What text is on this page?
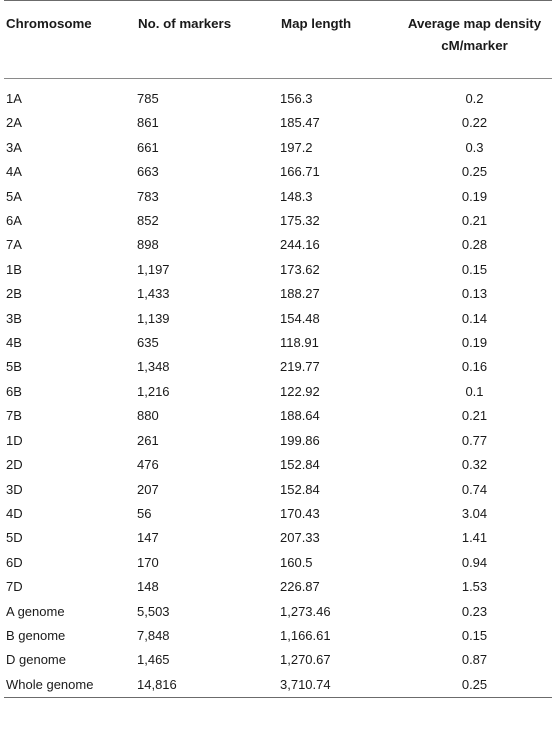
Chromosome	No. of markers	Map length	Average map density
cM/marker
1A	785	156.3	0.2
2A	861	185.47	0.22
3A	661	197.2	0.3
4A	663	166.71	0.25
5A	783	148.3	0.19
6A	852	175.32	0.21
7A	898	244.16	0.28
1B	1,197	173.62	0.15
2B	1,433	188.27	0.13
3B	1,139	154.48	0.14
4B	635	118.91	0.19
5B	1,348	219.77	0.16
6B	1,216	122.92	0.1
7B	880	188.64	0.21
1D	261	199.86	0.77
2D	476	152.84	0.32
3D	207	152.84	0.74
4D	56	170.43	3.04
5D	147	207.33	1.41
6D	170	160.5	0.94
7D	148	226.87	1.53
A genome	5,503	1,273.46	0.23
B genome	7,848	1,166.61	0.15
D genome	1,465	1,270.67	0.87
Whole genome	14,816	3,710.74	0.25
